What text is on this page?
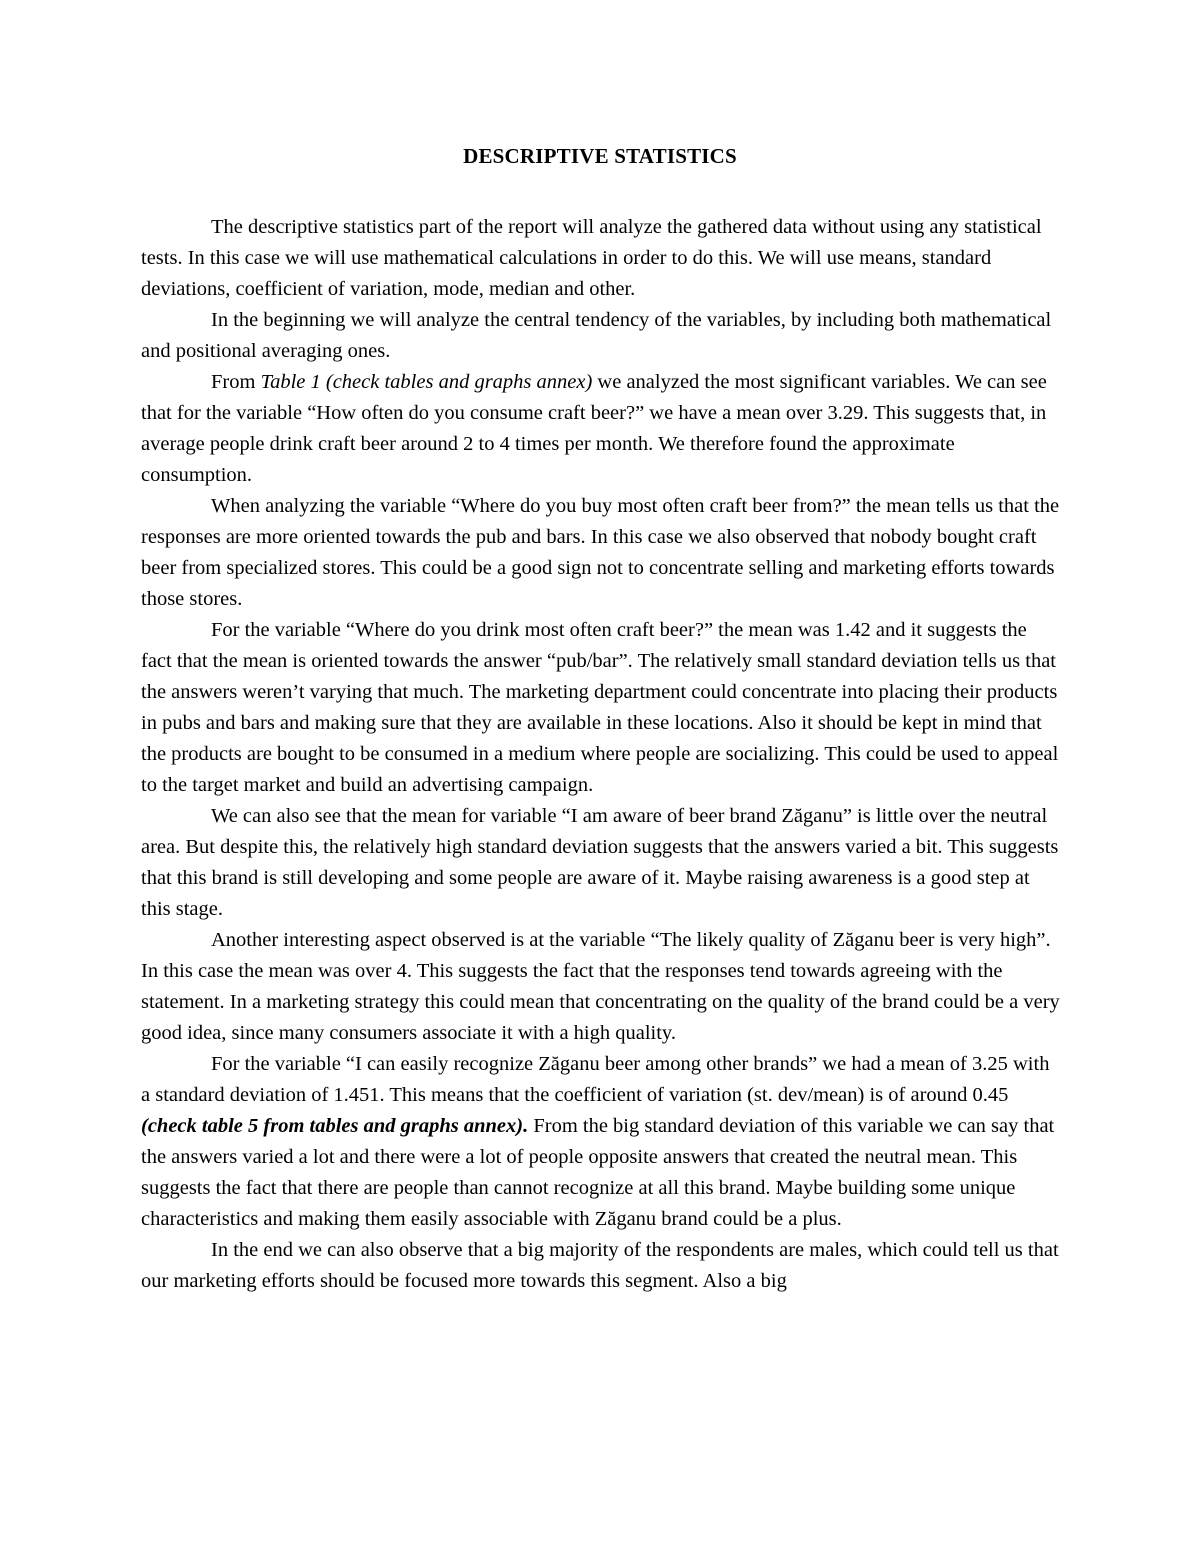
DESCRIPTIVE STATISTICS

The descriptive statistics part of the report will analyze the gathered data without using any statistical tests. In this case we will use mathematical calculations in order to do this. We will use means, standard deviations, coefficient of variation, mode, median and other.

In the beginning we will analyze the central tendency of the variables, by including both mathematical and positional averaging ones.

From Table 1 (check tables and graphs annex) we analyzed the most significant variables. We can see that for the variable “How often do you consume craft beer?” we have a mean over 3.29. This suggests that, in average people drink craft beer around 2 to 4 times per month. We therefore found the approximate consumption.

When analyzing the variable “Where do you buy most often craft beer from?” the mean tells us that the responses are more oriented towards the pub and bars. In this case we also observed that nobody bought craft beer from specialized stores. This could be a good sign not to concentrate selling and marketing efforts towards those stores.

For the variable “Where do you drink most often craft beer?” the mean was 1.42 and it suggests the fact that the mean is oriented towards the answer “pub/bar”. The relatively small standard deviation tells us that the answers weren’t varying that much. The marketing department could concentrate into placing their products in pubs and bars and making sure that they are available in these locations. Also it should be kept in mind that the products are bought to be consumed in a medium where people are socializing. This could be used to appeal to the target market and build an advertising campaign.

We can also see that the mean for variable “I am aware of beer brand Zăganu” is little over the neutral area. But despite this, the relatively high standard deviation suggests that the answers varied a bit. This suggests that this brand is still developing and some people are aware of it. Maybe raising awareness is a good step at this stage.

Another interesting aspect observed is at the variable “The likely quality of Zăganu beer is very high”. In this case the mean was over 4. This suggests the fact that the responses tend towards agreeing with the statement. In a marketing strategy this could mean that concentrating on the quality of the brand could be a very good idea, since many consumers associate it with a high quality.

For the variable “I can easily recognize Zăganu beer among other brands” we had a mean of 3.25 with a standard deviation of 1.451. This means that the coefficient of variation (st. dev/mean) is of around 0.45 (check table 5 from tables and graphs annex). From the big standard deviation of this variable we can say that the answers varied a lot and there were a lot of people opposite answers that created the neutral mean. This suggests the fact that there are people than cannot recognize at all this brand. Maybe building some unique characteristics and making them easily associable with Zăganu brand could be a plus.

In the end we can also observe that a big majority of the respondents are males, which could tell us that our marketing efforts should be focused more towards this segment. Also a big
